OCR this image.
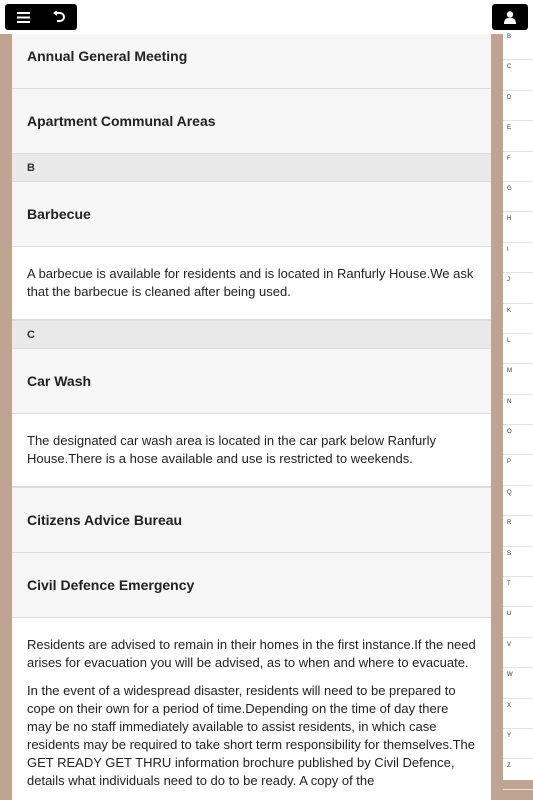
Annual General Meeting
Apartment Communal Areas
B
Barbecue

A barbecue is available for residents and is located in Ranfurly House.We ask that the barbecue is cleaned after being used.

C
Car Wash

The designated car wash area is located in the car park below Ranfurly House.There is a hose available and use is restricted to weekends.

Citizens Advice Bureau
Civil Defence Emergency

Residents are advised to remain in their homes in the first instance.If the need arises for evacuation you will be advised, as to when and where to evacuate.

In the event of a widespread disaster, residents will need to be prepared to cope on their own for a period of time.Depending on the time of day there may be no staff immediately available to assist residents, in which case residents may be required to take short term responsibility for themselves.The GET READY GET THRU information brochure published by Civil Defence, details what individuals need to do to be ready. A copy of the

B
C
D
E
F
G
H
I
J
K
L
M
N
O
P
Q
R
S
T
U
V
W
X
Y
Z
